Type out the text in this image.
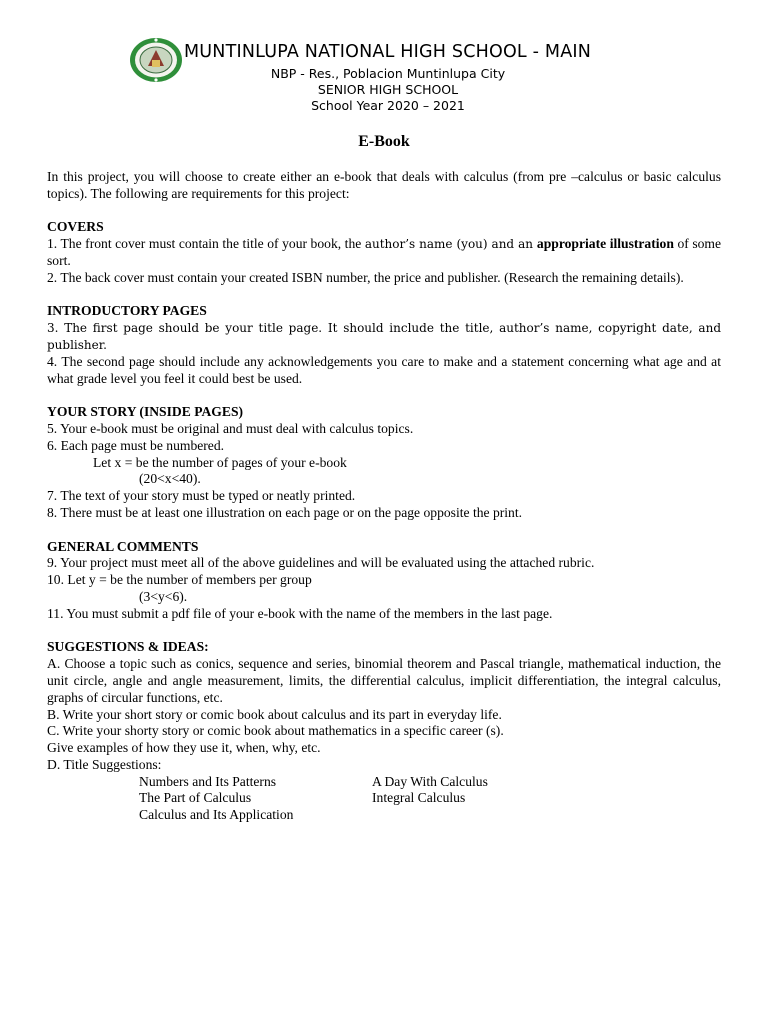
MUNTINLUPA NATIONAL HIGH SCHOOL - MAIN
NBP - Res., Poblacion Muntinlupa City
SENIOR HIGH SCHOOL
School Year 2020 – 2021
E-Book

In this project, you will choose to create either an e-book that deals with calculus (from pre –calculus or basic calculus topics). The following are requirements for this project:

COVERS

1. The front cover must contain the title of your book, the author’s name (you) and an appropriate illustration of some sort.

2. The back cover must contain your created ISBN number, the price and publisher. (Research the remaining details).

INTRODUCTORY PAGES

3. The first page should be your title page. It should include the title, author’s name, copyright date, and publisher.

4. The second page should include any acknowledgements you care to make and a statement concerning what age and at what grade level you feel it could best be used.

YOUR STORY (INSIDE PAGES)

5. Your e-book must be original and must deal with calculus topics.

6. Each page must be numbered.

Let x = be the number of pages of your e-book

(20<x<40).

7. The text of your story must be typed or neatly printed.

8. There must be at least one illustration on each page or on the page opposite the print.

GENERAL COMMENTS

9. Your project must meet all of the above guidelines and will be evaluated using the attached rubric.

10. Let y = be the number of members per group

(3<y<6).

11. You must submit a pdf file of your e-book with the name of the members in the last page.

SUGGESTIONS & IDEAS:

A. Choose a topic such as conics, sequence and series, binomial theorem and Pascal triangle, mathematical induction, the unit circle, angle and angle measurement, limits, the differential calculus, implicit differentiation, the integral calculus, graphs of circular functions, etc.

B. Write your short story or comic book about calculus and its part in everyday life.

C. Write your shorty story or comic book about mathematics in a specific career (s).

Give examples of how they use it, when, why, etc.

D. Title Suggestions:

Numbers and Its Patterns	A Day With Calculus
The Part of Calculus	Integral Calculus
Calculus and Its Application
